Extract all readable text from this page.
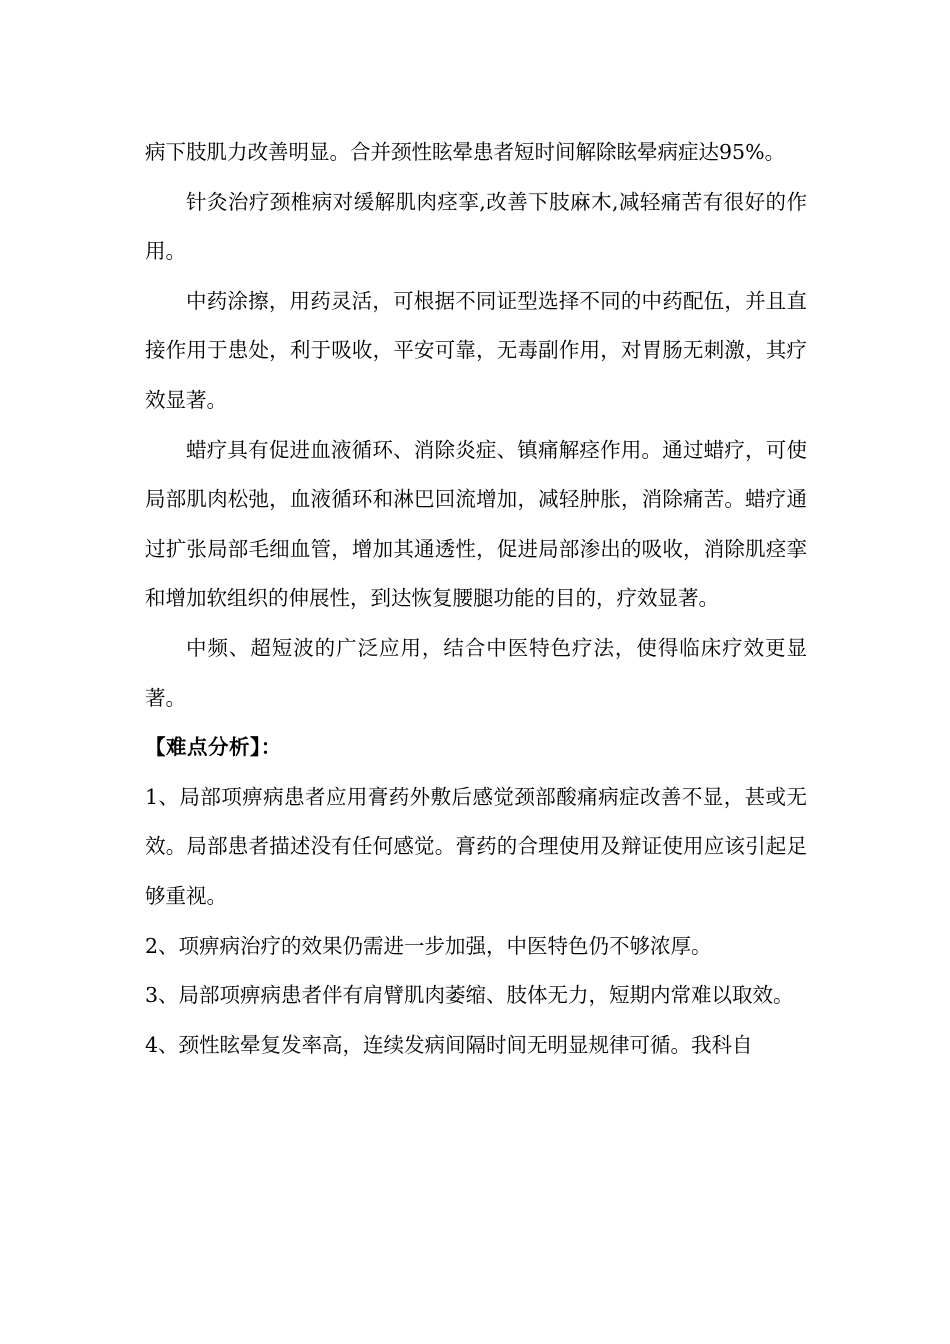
病下肢肌力改善明显。合并颈性眩晕患者短时间解除眩晕病症达95%。

针灸治疗颈椎病对缓解肌肉痉挛,改善下肢麻木,减轻痛苦有很好的作用。

中药涂擦，用药灵活，可根据不同证型选择不同的中药配伍，并且直接作用于患处，利于吸收，平安可靠，无毒副作用，对胃肠无刺激，其疗效显著。

蜡疗具有促进血液循环、消除炎症、镇痛解痉作用。通过蜡疗，可使局部肌肉松弛，血液循环和淋巴回流增加，减轻肿胀，消除痛苦。蜡疗通过扩张局部毛细血管，增加其通透性，促进局部渗出的吸收，消除肌痉挛和增加软组织的伸展性，到达恢复腰腿功能的目的，疗效显著。

中频、超短波的广泛应用，结合中医特色疗法，使得临床疗效更显著。

【难点分析】：

1、局部项痹病患者应用膏药外敷后感觉颈部酸痛病症改善不显，甚或无效。局部患者描述没有任何感觉。膏药的合理使用及辩证使用应该引起足够重视。

2、项痹病治疗的效果仍需进一步加强，中医特色仍不够浓厚。

3、局部项痹病患者伴有肩臂肌肉萎缩、肢体无力，短期内常难以取效。

4、颈性眩晕复发率高，连续发病间隔时间无明显规律可循。我科自
